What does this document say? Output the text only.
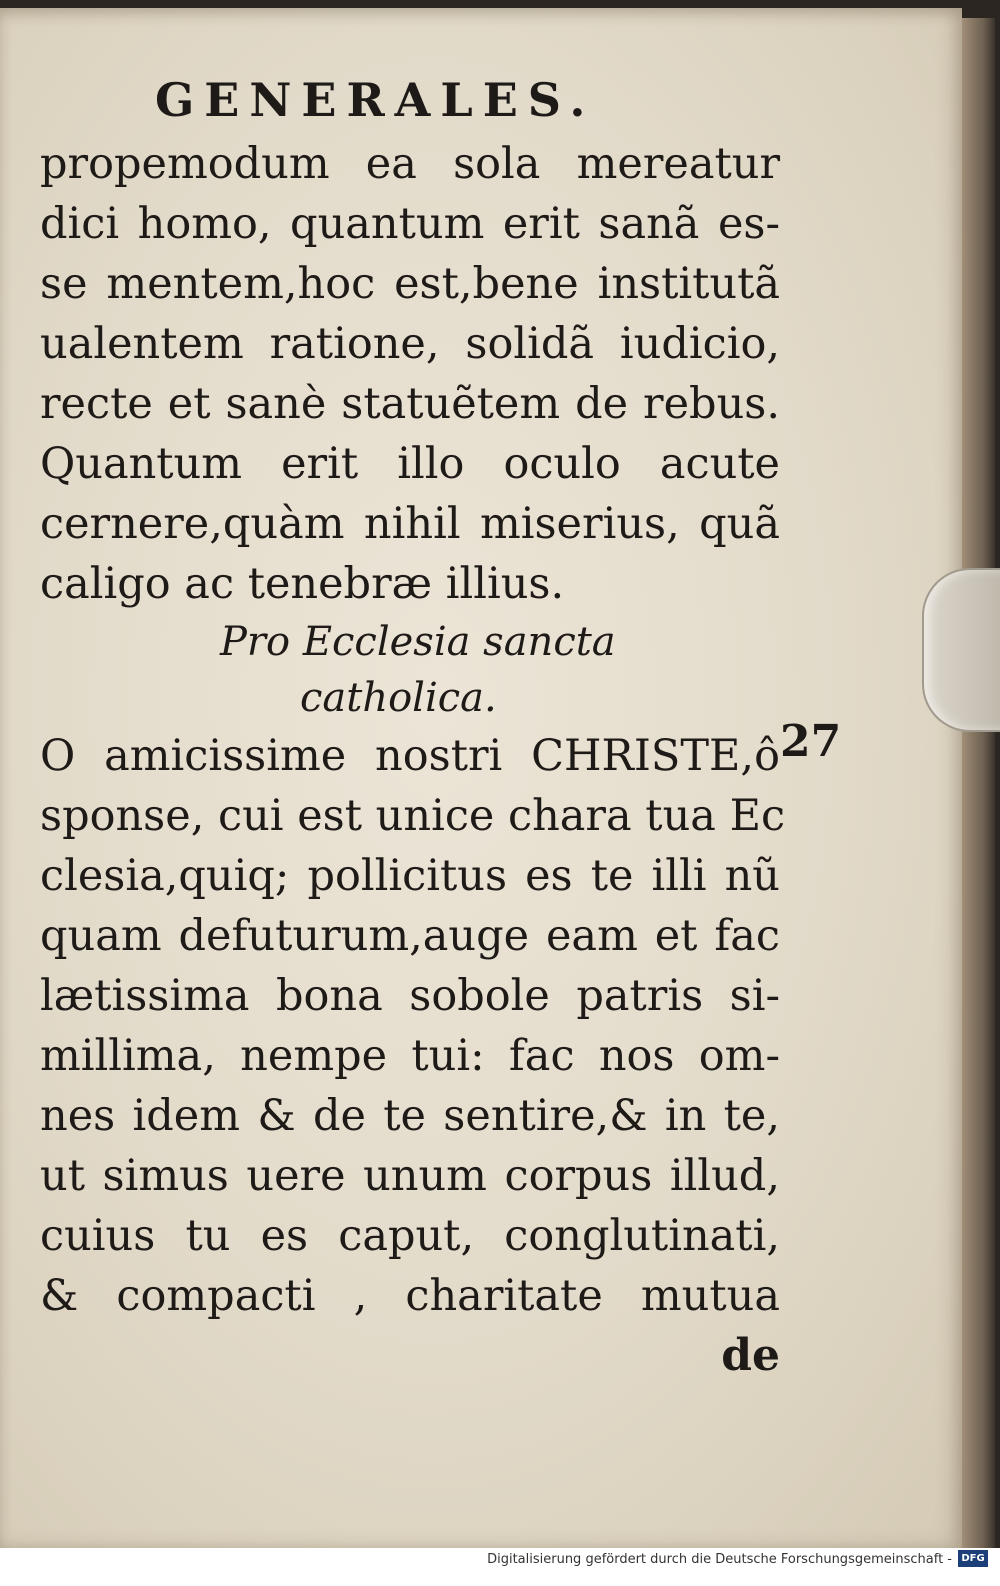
GENERALES.
propemodum ea sola mereatur
dici homo, quantum erit sanã es-
se mentem,hoc est,bene institutã
ualentem ratione, solidã iudicio,
recte et sanè statuẽtem de rebus.
Quantum erit illo oculo acute
cernere,quàm nihil miserius, quã
caligo ac tenebræ illius.
Pro Ecclesia sancta
catholica.
O amicissime nostri CHRISTE,ô
sponse, cui est unice chara tua Ec
clesia,quiq; pollicitus es te illi nũ
quam defuturum,auge eam et fac
lætissima bona sobole patris si-
millima, nempe tui: fac nos om-
nes idem & de te sentire,& in te,
ut simus uere unum corpus illud,
cuius tu es caput, conglutinati,
& compacti , charitate mutua
de
27
Digitalisierung gefördert durch die Deutsche Forschungsgemeinschaft - DFG
